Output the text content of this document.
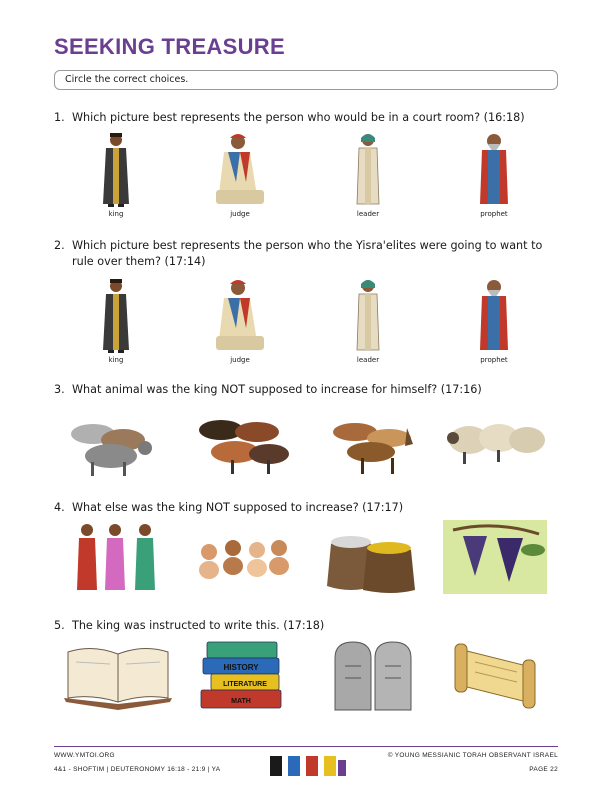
SEEKING TREASURE
Circle the correct choices.
1. Which picture best represents the person who would be in a court room? (16:18)
king	judge	leader	prophet
2. Which picture best represents the person who the Yisra'elites were going to want to rule over them? (17:14)
king	judge	leader	prophet
3. What animal was the king NOT supposed to increase for himself? (17:16)
4. What else was the king NOT supposed to increase? (17:17)
5. The king was instructed to write this. (17:18)
HISTORY
LITERATURE
MATH
WWW.YMTOI.ORG
4&1 - SHOFTIM | DEUTERONOMY 16:18 - 21:9 | YA
© YOUNG MESSIANIC TORAH OBSERVANT ISRAEL
PAGE 22
